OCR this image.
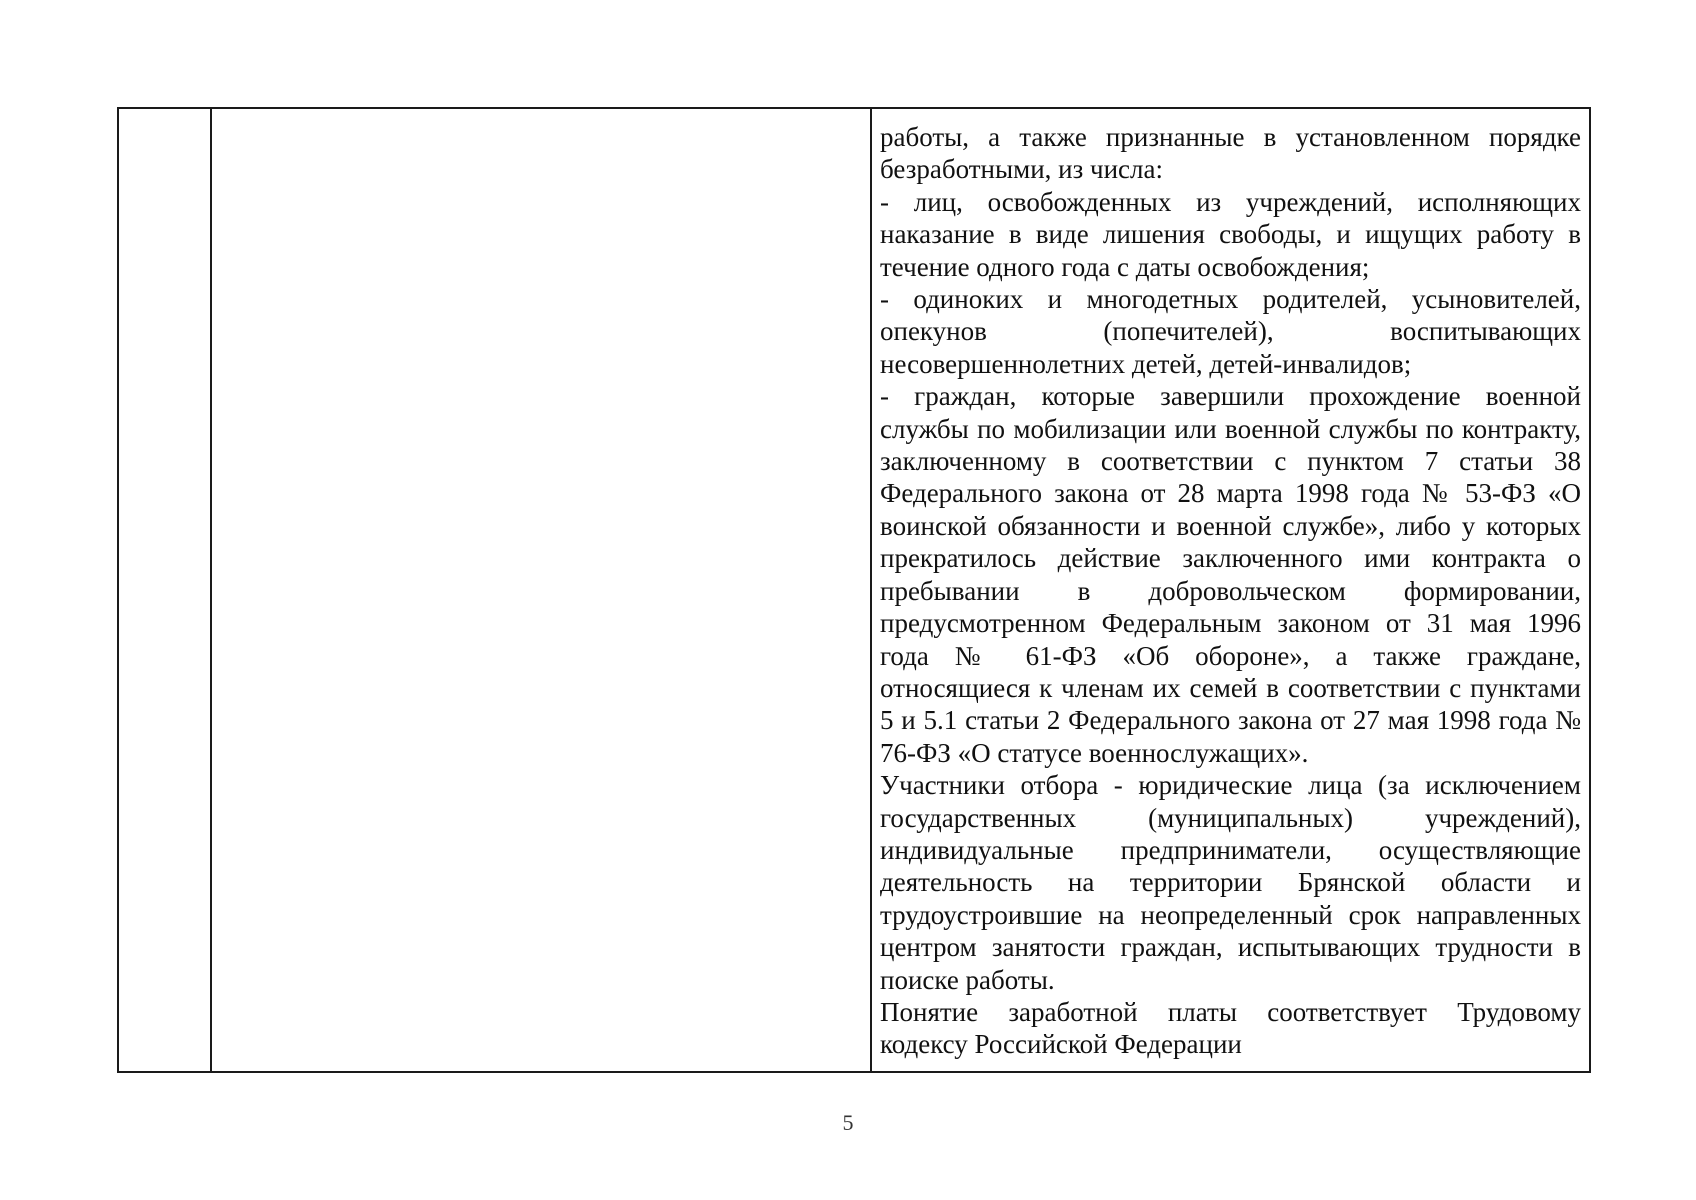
работы, а также признанные в установленном порядке безработными, из числа:

- лиц, освобожденных из учреждений, исполняющих наказание в виде лишения свободы, и ищущих работу в течение одного года с даты освобождения;

- одиноких и многодетных родителей, усыновителей, опекунов (попечителей), воспитывающих несовершеннолетних детей, детей-инвалидов;

- граждан, которые завершили прохождение военной службы по мобилизации или военной службы по контракту, заключенному в соответствии с пунктом 7 статьи 38 Федерального закона от 28 марта 1998 года № 53-ФЗ «О воинской обязанности и военной службе», либо у которых прекратилось действие заключенного ими контракта о пребывании в добровольческом формировании, предусмотренном Федеральным законом от 31 мая 1996 года № 61-ФЗ «Об обороне», а также граждане, относящиеся к членам их семей в соответствии с пунктами 5 и 5.1 статьи 2 Федерального закона от 27 мая 1998 года № 76-ФЗ «О статусе военнослужащих».

Участники отбора - юридические лица (за исключением государственных (муниципальных) учреждений), индивидуальные предприниматели, осуществляющие деятельность на территории Брянской области и трудоустроившие на неопределенный срок направленных центром занятости граждан, испытывающих трудности в поиске работы.

Понятие заработной платы соответствует Трудовому кодексу Российской Федерации

5
